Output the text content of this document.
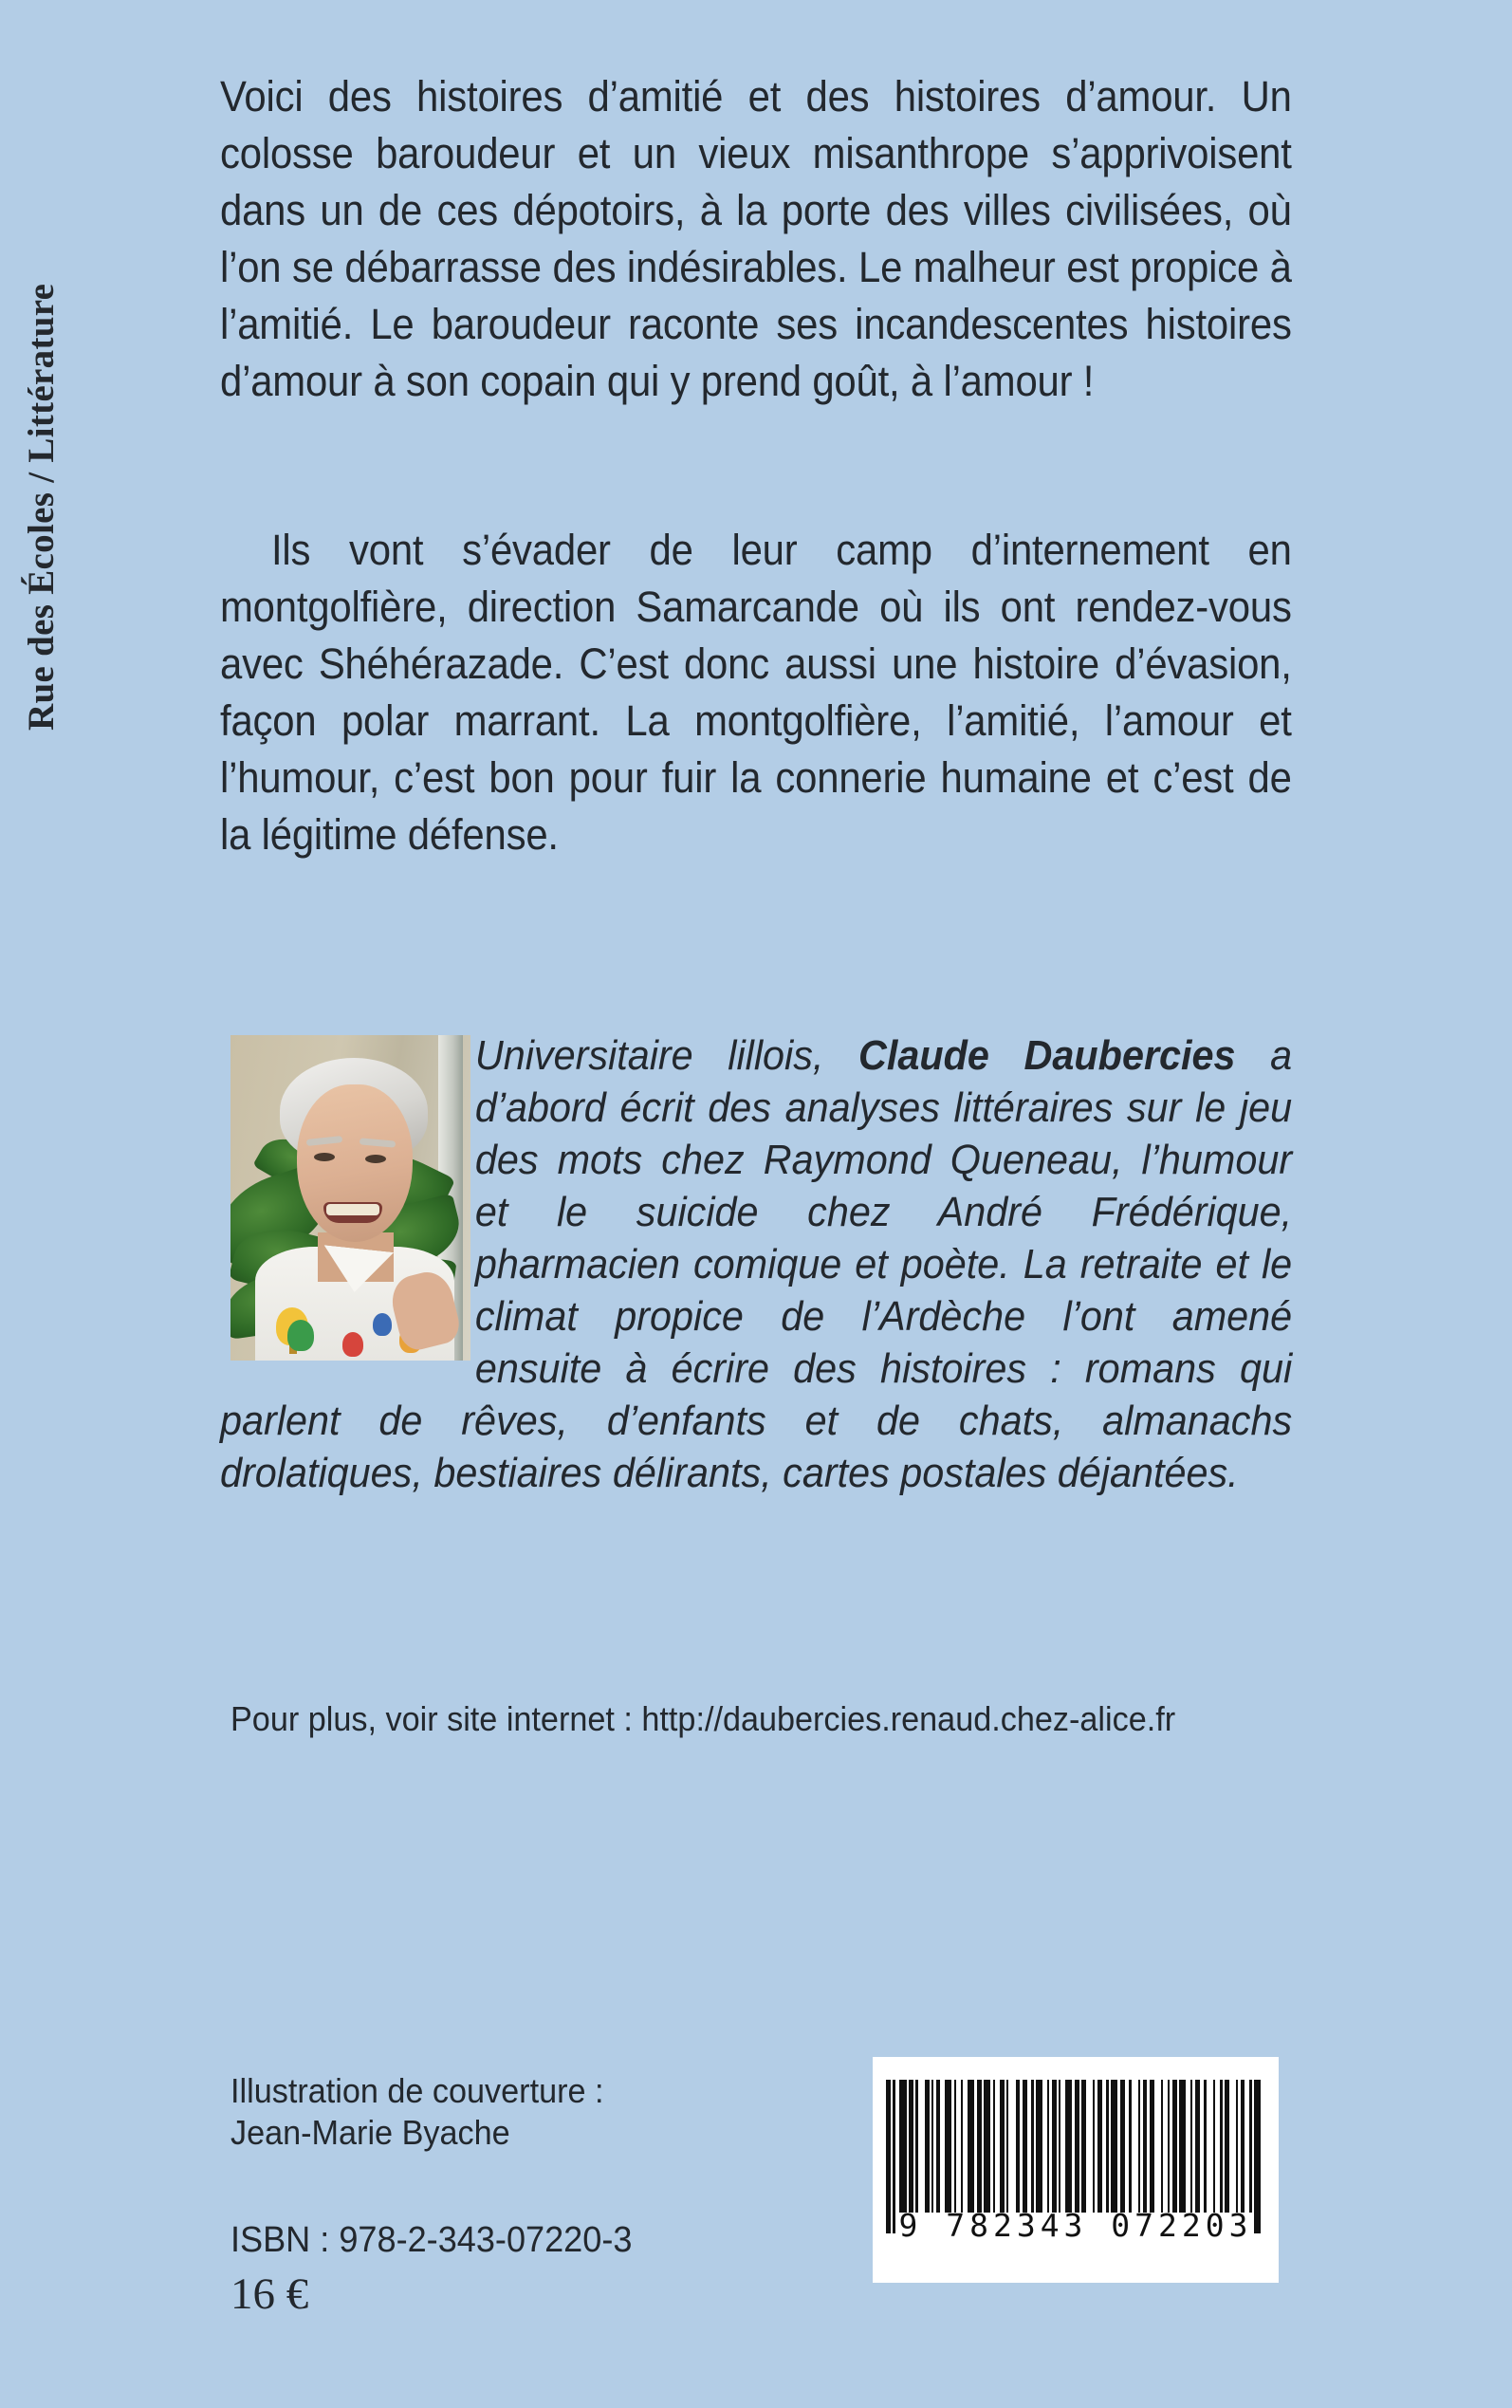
Rue des Écoles / Littérature

Voici des histoires d’amitié et des histoires d’amour. Un colosse baroudeur et un vieux misanthrope s’apprivoisent dans un de ces dépotoirs, à la porte des villes civilisées, où l’on se débarrasse des indésirables. Le malheur est propice à l’amitié. Le baroudeur raconte ses incandescentes histoires d’amour à son copain qui y prend goût, à l’amour !

Ils vont s’évader de leur camp d’internement en montgolfière, direction Samarcande où ils ont rendez-vous avec Shéhérazade. C’est donc aussi une histoire d’évasion, façon polar marrant. La montgolfière, l’amitié, l’amour et l’humour, c’est bon pour fuir la connerie humaine et c’est de la légitime défense.

Universitaire lillois, Claude Daubercies a d’abord écrit des analyses littéraires sur le jeu des mots chez Raymond Queneau, l’humour et le suicide chez André Frédérique, pharmacien comique et poète. La retraite et le climat propice de l’Ardèche l’ont amené ensuite à écrire des histoires : romans qui parlent de rêves, d’enfants et de chats, almanachs drolatiques, bestiaires délirants, cartes postales déjantées.

Pour plus, voir site internet : http://daubercies.renaud.chez-alice.fr
Illustration de couverture :
Jean-Marie Byache
ISBN : 978-2-343-07220-3
16 €
9 782343 072203
